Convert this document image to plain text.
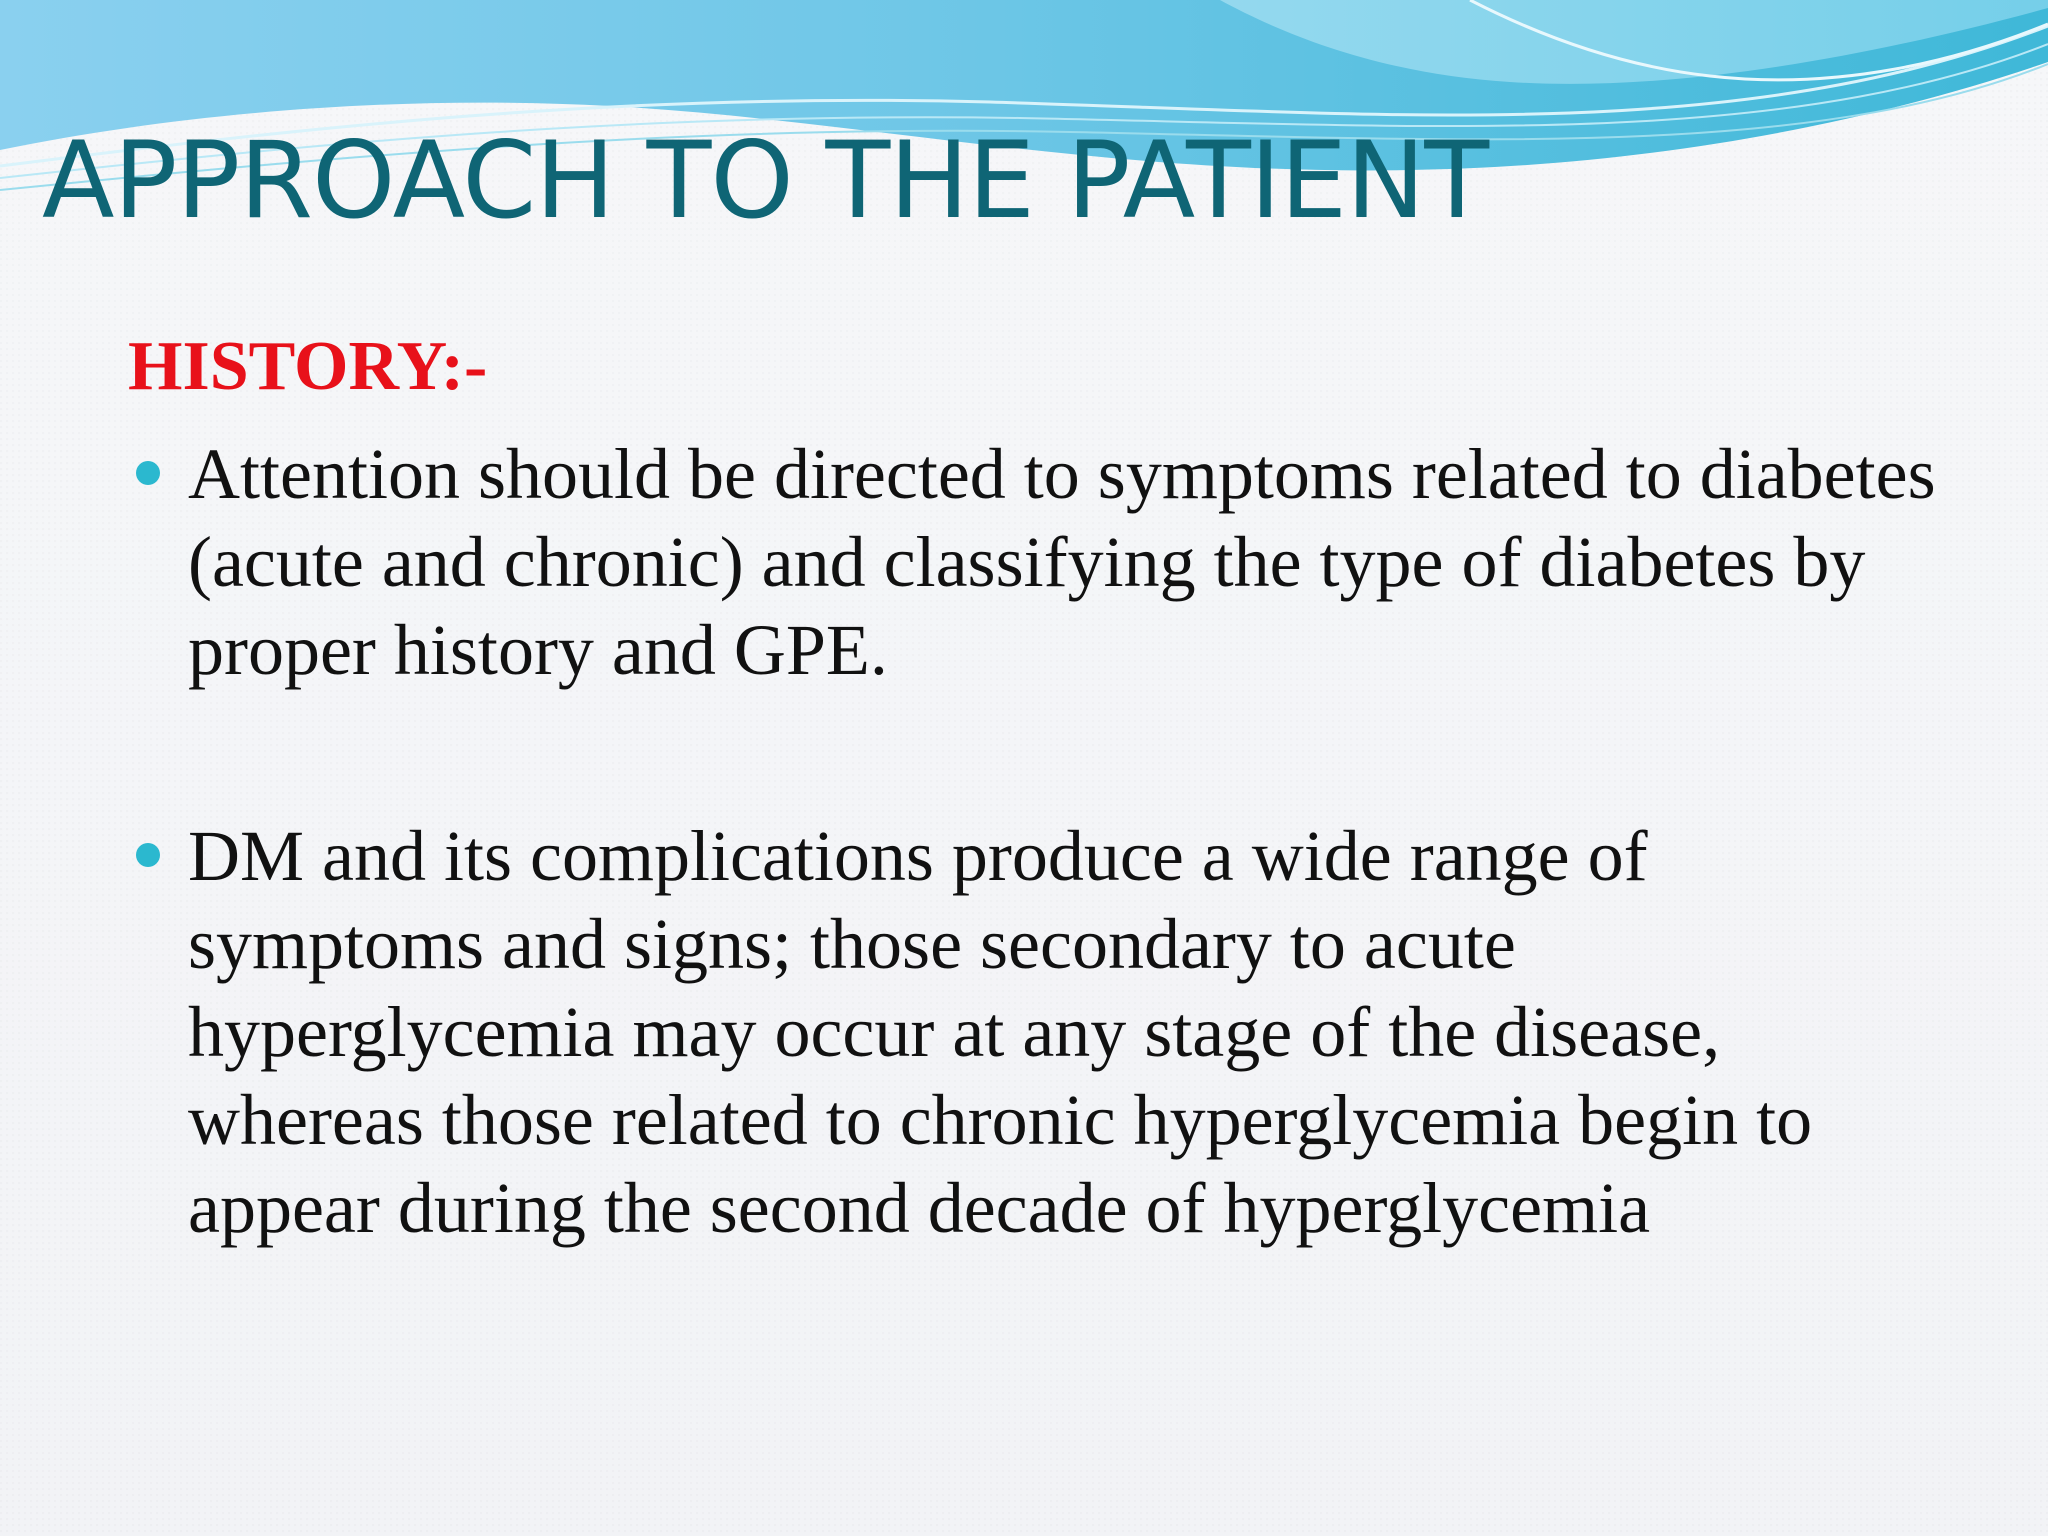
APPROACH TO THE PATIENT
HISTORY:-
Attention should be directed to symptoms related to diabetes (acute and chronic) and classifying the type of diabetes by proper history and GPE.
DM and its complications produce a wide range of symptoms and signs; those secondary to acute hyperglycemia may occur at any stage of the disease, whereas those related to chronic hyperglycemia begin to appear during the second decade of hyperglycemia
